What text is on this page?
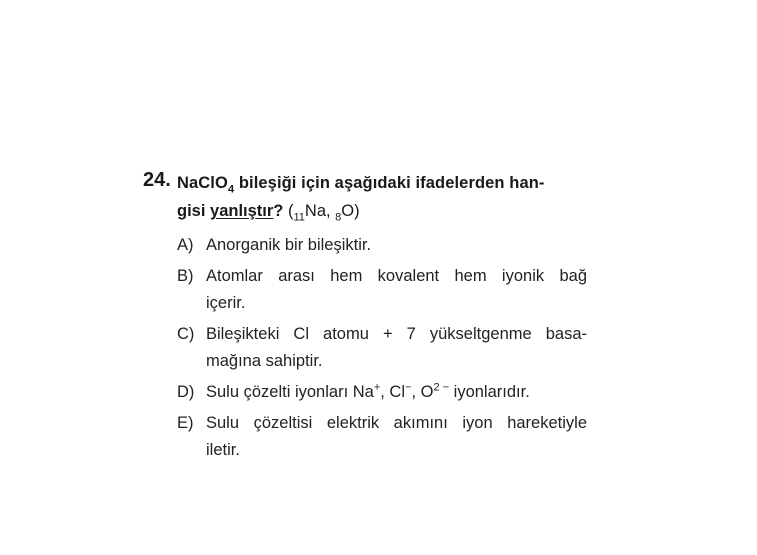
24. NaClO$_4$ bileşiği için aşağıdaki ifadelerden han-
gisi yanlıştır? ($_{11}Na$, $_8$O)
A) Anorganik bir bileşiktir.
B) Atomlar arası hem kovalent hem iyonik bağ
içerir.
C) Bileşikteki Cl atomu + 7 yükseltgenme basa-
mağına sahiptir.
D) Sulu çözelti iyonları Na+, Cl−, $O^{2 -}$ iyonlarıdır.
E) Sulu çözeltisi elektrik akımını iyon hareketiyle
iletir.
